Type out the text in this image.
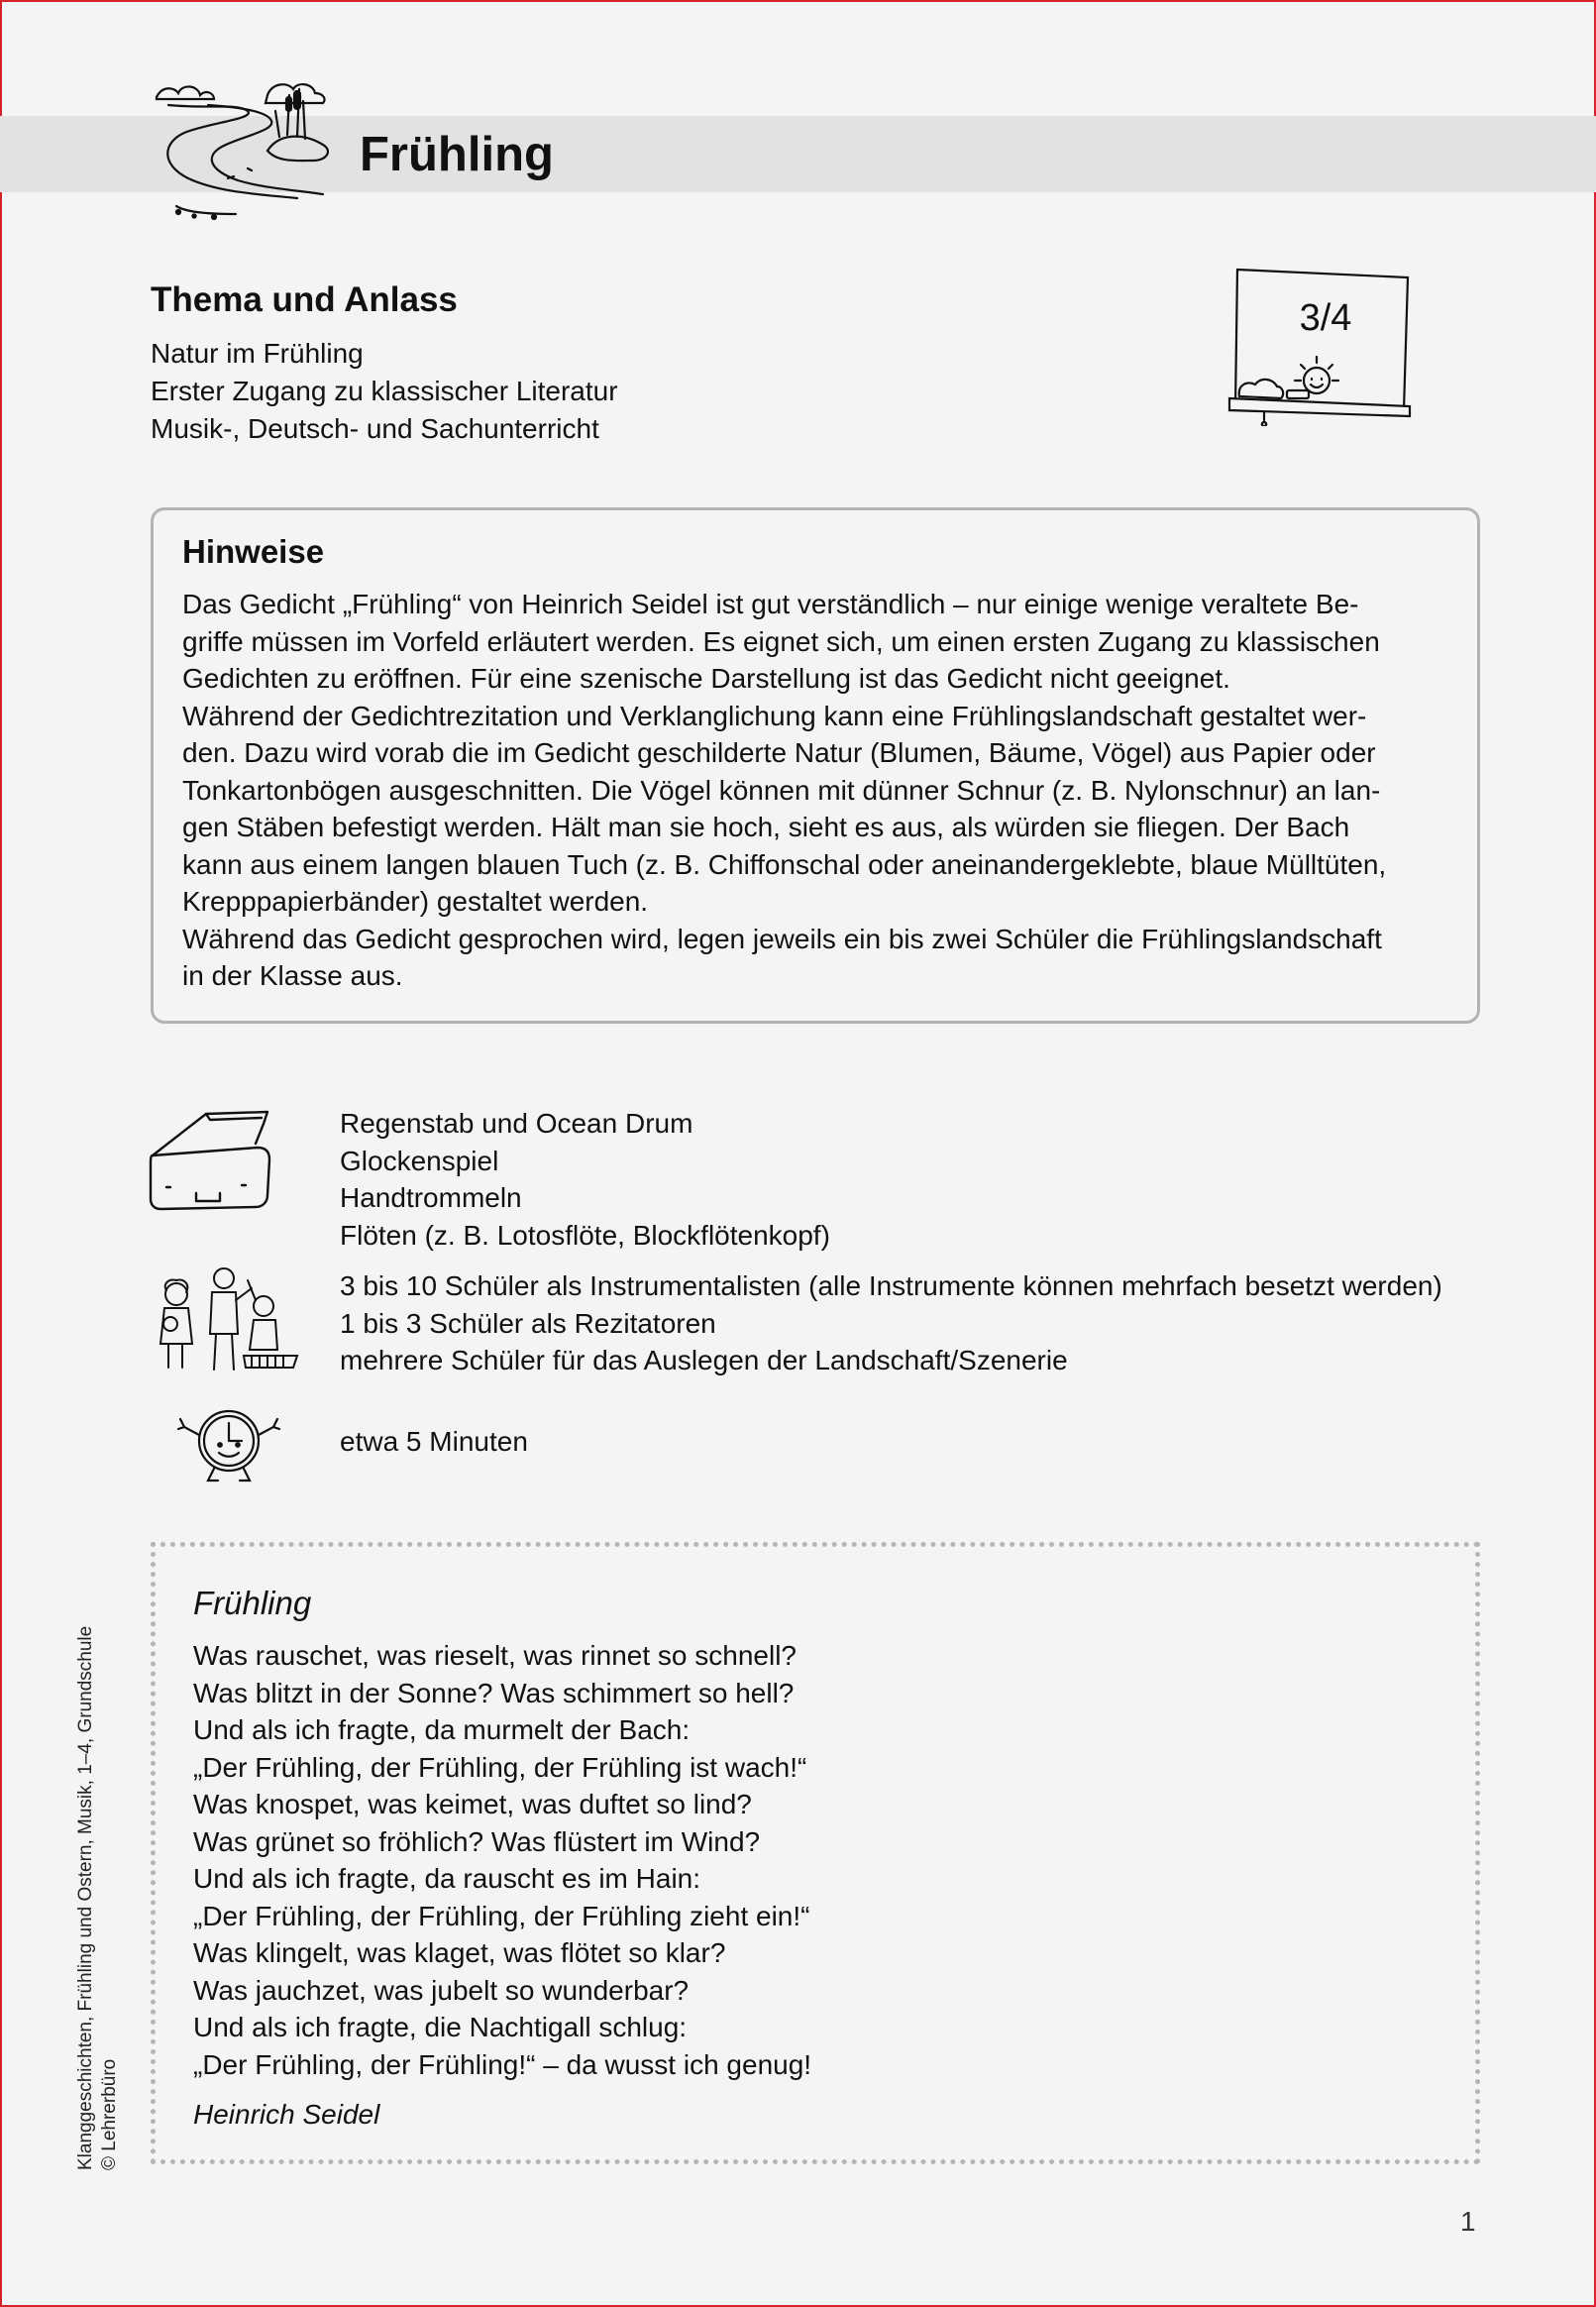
Frühling
Thema und Anlass
Natur im Frühling
Erster Zugang zu klassischer Literatur
Musik-, Deutsch- und Sachunterricht
3/4
Hinweise

Das Gedicht „Frühling“ von Heinrich Seidel ist gut verständlich – nur einige wenige veraltete Be-

griffe müssen im Vorfeld erläutert werden. Es eignet sich, um einen ersten Zugang zu klassischen

Gedichten zu eröffnen. Für eine szenische Darstellung ist das Gedicht nicht geeignet.

Während der Gedichtrezitation und Verklanglichung kann eine Frühlingslandschaft gestaltet wer-

den. Dazu wird vorab die im Gedicht geschilderte Natur (Blumen, Bäume, Vögel) aus Papier oder

Tonkartonbögen ausgeschnitten. Die Vögel können mit dünner Schnur (z. B. Nylonschnur) an lan-

gen Stäben befestigt werden. Hält man sie hoch, sieht es aus, als würden sie fliegen. Der Bach

kann aus einem langen blauen Tuch (z. B. Chiffonschal oder aneinandergeklebte, blaue Mülltüten,

Krepppapierbänder) gestaltet werden.

Während das Gedicht gesprochen wird, legen jeweils ein bis zwei Schüler die Frühlingslandschaft

in der Klasse aus.

Regenstab und Ocean Drum
Glockenspiel
Handtrommeln
Flöten (z. B. Lotosflöte, Blockflötenkopf)
3 bis 10 Schüler als Instrumentalisten (alle Instrumente können mehrfach besetzt werden)
1 bis 3 Schüler als Rezitatoren
mehrere Schüler für das Auslegen der Landschaft/Szenerie

etwa 5 Minuten

Frühling
Was rauschet, was rieselt, was rinnet so schnell?
Was blitzt in der Sonne? Was schimmert so hell?
Und als ich fragte, da murmelt der Bach:
„Der Frühling, der Frühling, der Frühling ist wach!“
Was knospet, was keimet, was duftet so lind?
Was grünet so fröhlich? Was flüstert im Wind?
Und als ich fragte, da rauscht es im Hain:
„Der Frühling, der Frühling, der Frühling zieht ein!“
Was klingelt, was klaget, was flötet so klar?
Was jauchzet, was jubelt so wunderbar?
Und als ich fragte, die Nachtigall schlug:
„Der Frühling, der Frühling!“ – da wusst ich genug!

Heinrich Seidel

Klanggeschichten, Frühling und Ostern, Musik, 1–4, Grundschule © Lehrerbüro
1
